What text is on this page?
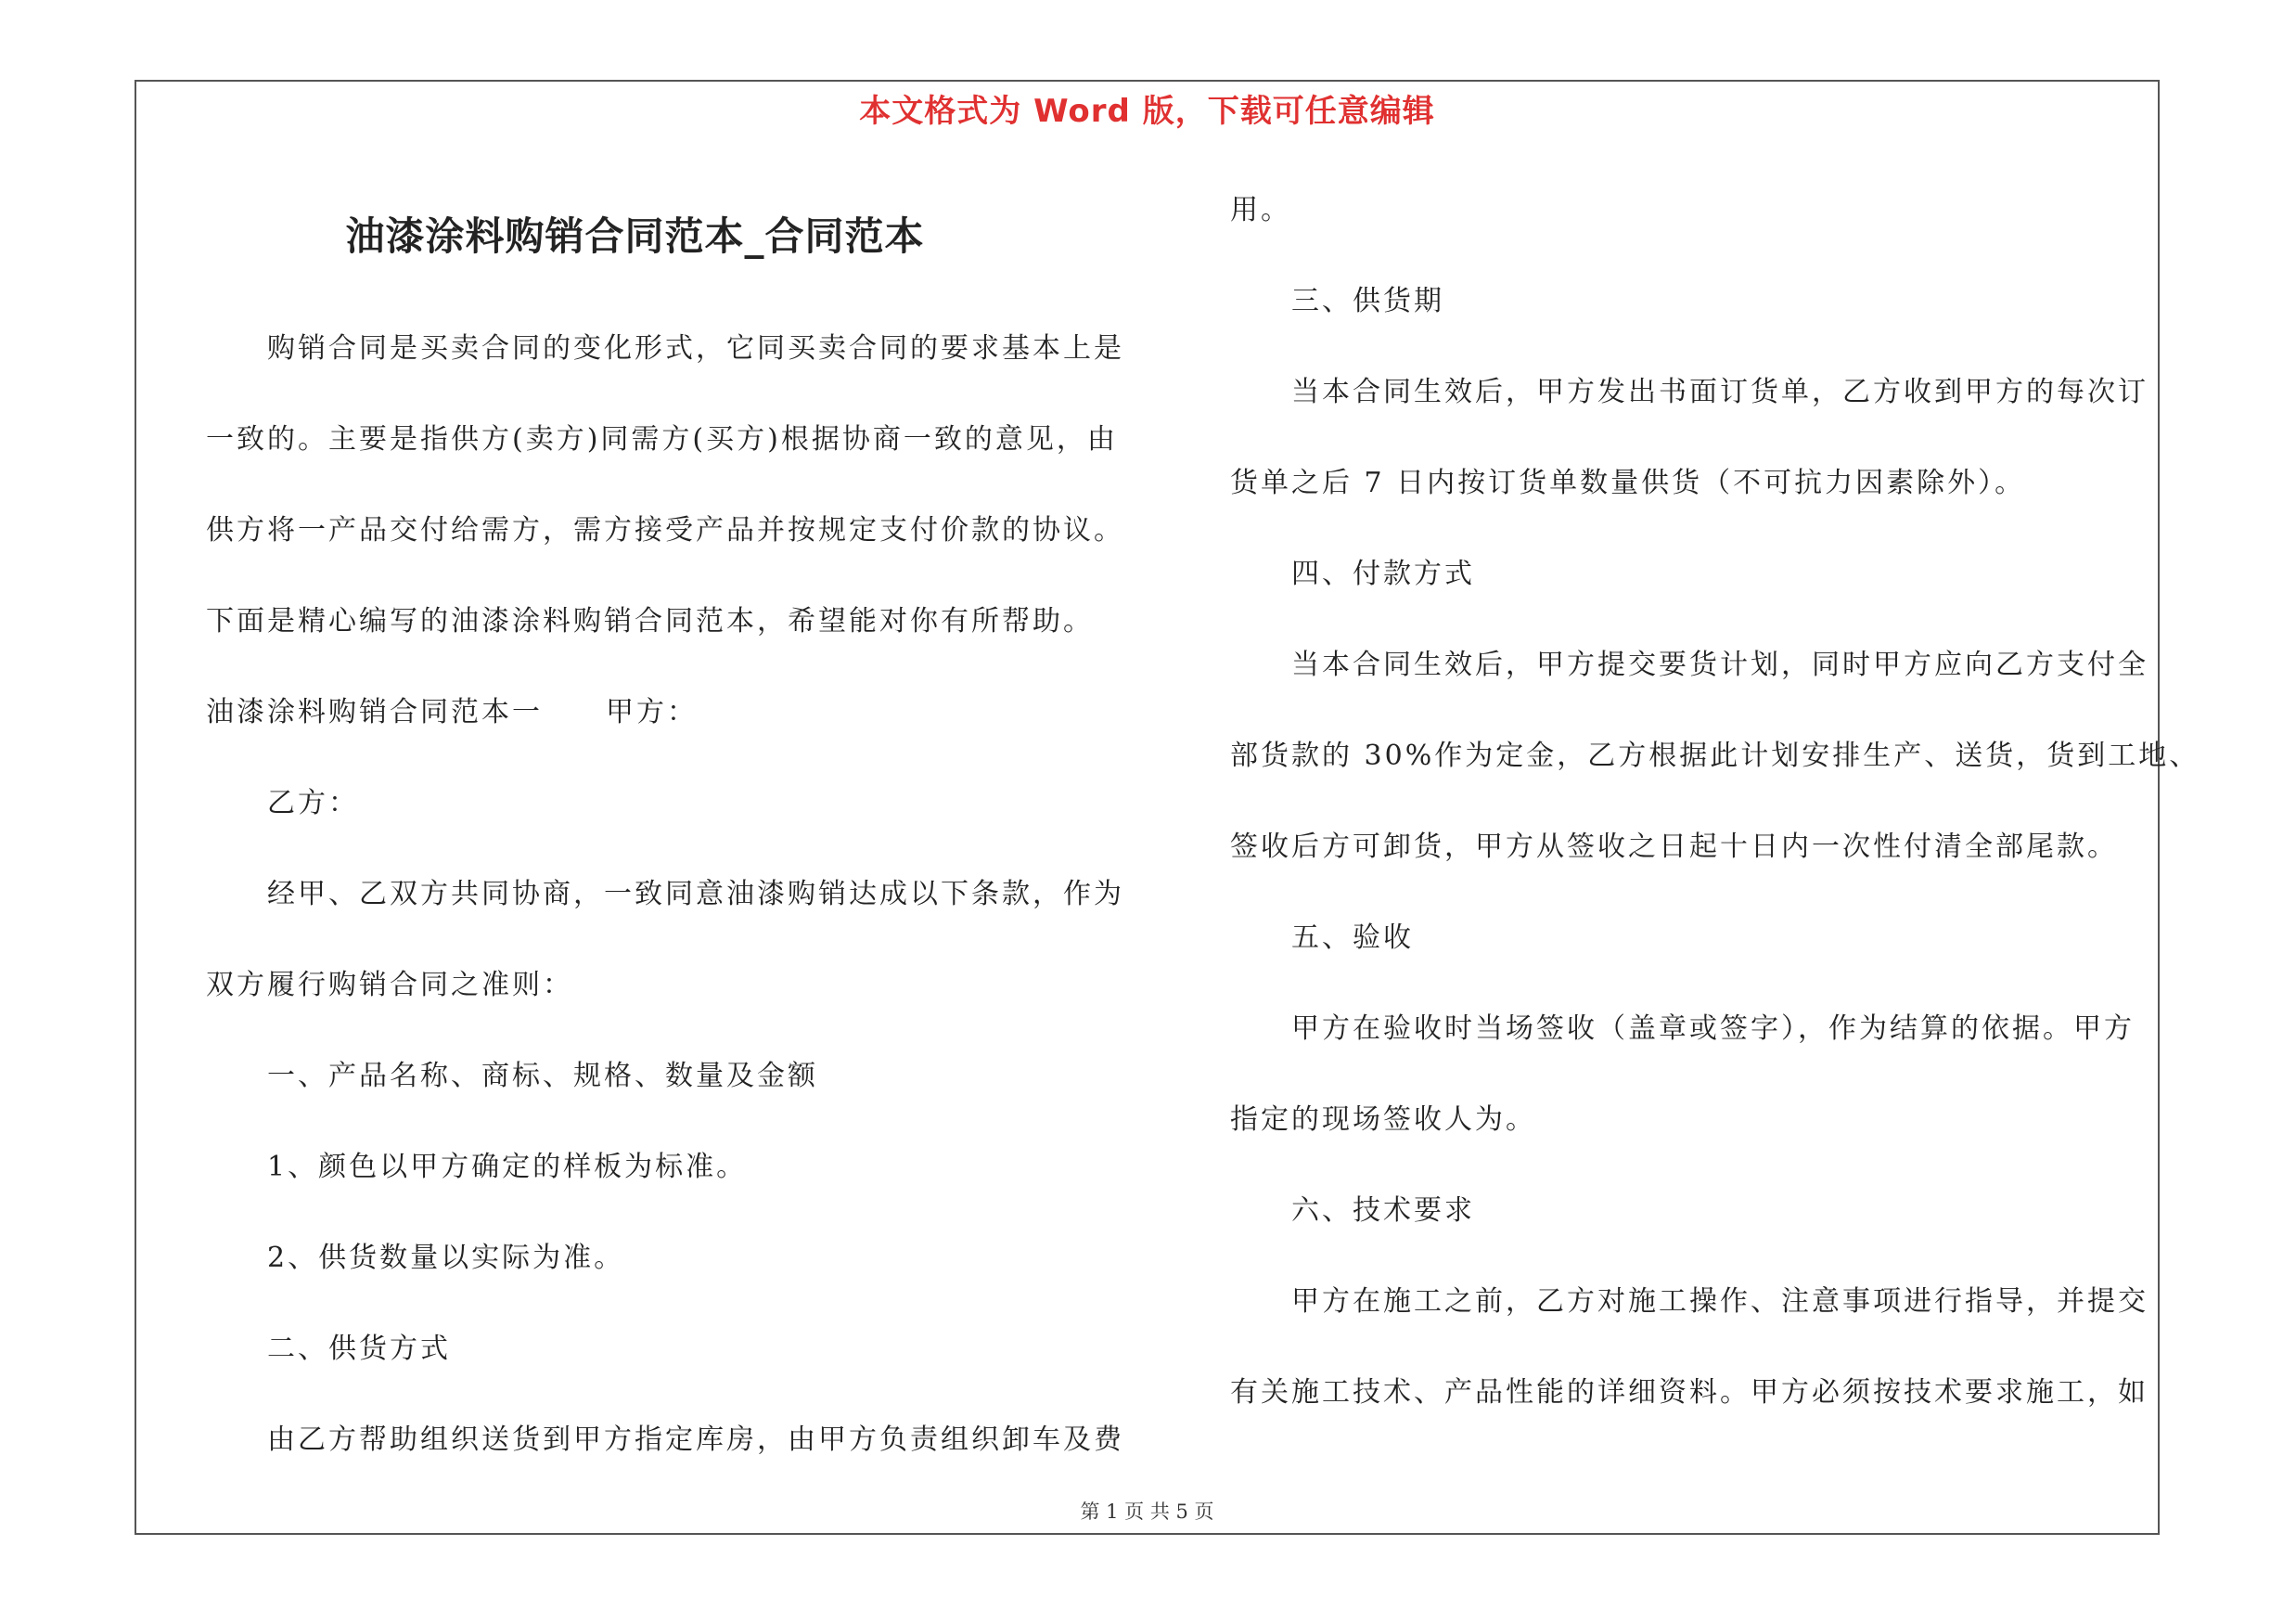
本文格式为 Word 版，下载可任意编辑
油漆涂料购销合同范本_合同范本
购销合同是买卖合同的变化形式，它同买卖合同的要求基本上是
一致的。主要是指供方(卖方)同需方(买方)根据协商一致的意见，由
供方将一产品交付给需方，需方接受产品并按规定支付价款的协议。
下面是精心编写的油漆涂料购销合同范本，希望能对你有所帮助。
油漆涂料购销合同范本一 甲方：
乙方：
经甲、乙双方共同协商，一致同意油漆购销达成以下条款，作为
双方履行购销合同之准则：
一、产品名称、商标、规格、数量及金额
1、颜色以甲方确定的样板为标准。
2、供货数量以实际为准。
二、供货方式
由乙方帮助组织送货到甲方指定库房，由甲方负责组织卸车及费
用。
三、供货期
当本合同生效后，甲方发出书面订货单，乙方收到甲方的每次订
货单之后 7 日内按订货单数量供货（不可抗力因素除外）。
四、付款方式
当本合同生效后，甲方提交要货计划，同时甲方应向乙方支付全
部货款的 30%作为定金，乙方根据此计划安排生产、送货，货到工地、
签收后方可卸货，甲方从签收之日起十日内一次性付清全部尾款。
五、验收
甲方在验收时当场签收（盖章或签字），作为结算的依据。甲方
指定的现场签收人为。
六、技术要求
甲方在施工之前，乙方对施工操作、注意事项进行指导，并提交
有关施工技术、产品性能的详细资料。甲方必须按技术要求施工，如
第 1 页 共 5 页
